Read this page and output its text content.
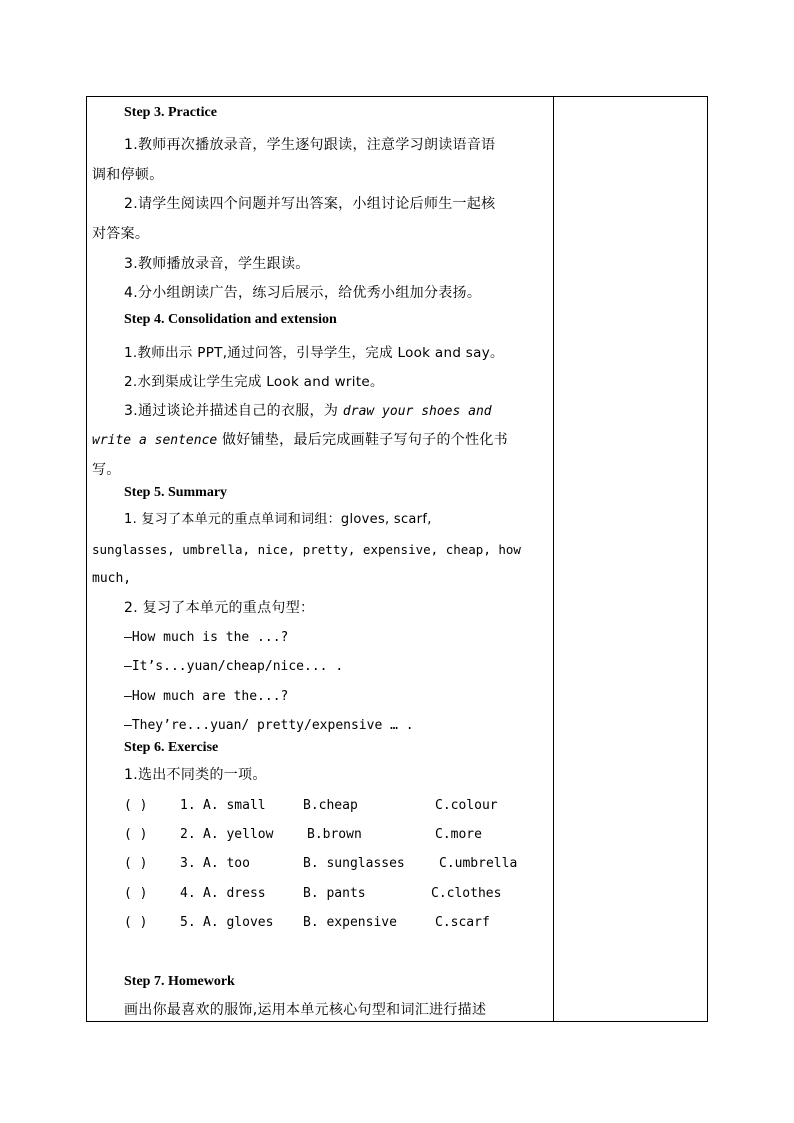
Step 3. Practice
1.教师再次播放录音，学生逐句跟读，注意学习朗读语音语
调和停顿。
2.请学生阅读四个问题并写出答案，小组讨论后师生一起核
对答案。
3.教师播放录音，学生跟读。
4.分小组朗读广告，练习后展示，给优秀小组加分表扬。
Step 4. Consolidation and extension
1.教师出示 PPT,通过问答，引导学生，完成 Look and say。
2.水到渠成让学生完成 Look and write。
3.通过谈论并描述自己的衣服，为 draw your shoes and
write a sentence 做好铺垫，最后完成画鞋子写句子的个性化书
写。
Step 5. Summary
1. 复习了本单元的重点单词和词组：gloves, scarf,
sunglasses, umbrella, nice, pretty, expensive, cheap, how
much,
2. 复习了本单元的重点句型：
—How much is the ...?
—It’s...yuan/cheap/nice... .
—How much are the...?
—They’re...yuan/ pretty/expensive … .
Step 6. Exercise
1.选出不同类的一项。
( )	1. A. small	B.cheap	C.colour
( )	2. A. yellow	B.brown	C.more
( )	3. A. too	B. sunglasses	C.umbrella
( )	4. A. dress	B. pants	C.clothes
( )	5. A. gloves B. expensive	C.scarf
Step 7. Homework
画出你最喜欢的服饰,运用本单元核心句型和词汇进行描述
